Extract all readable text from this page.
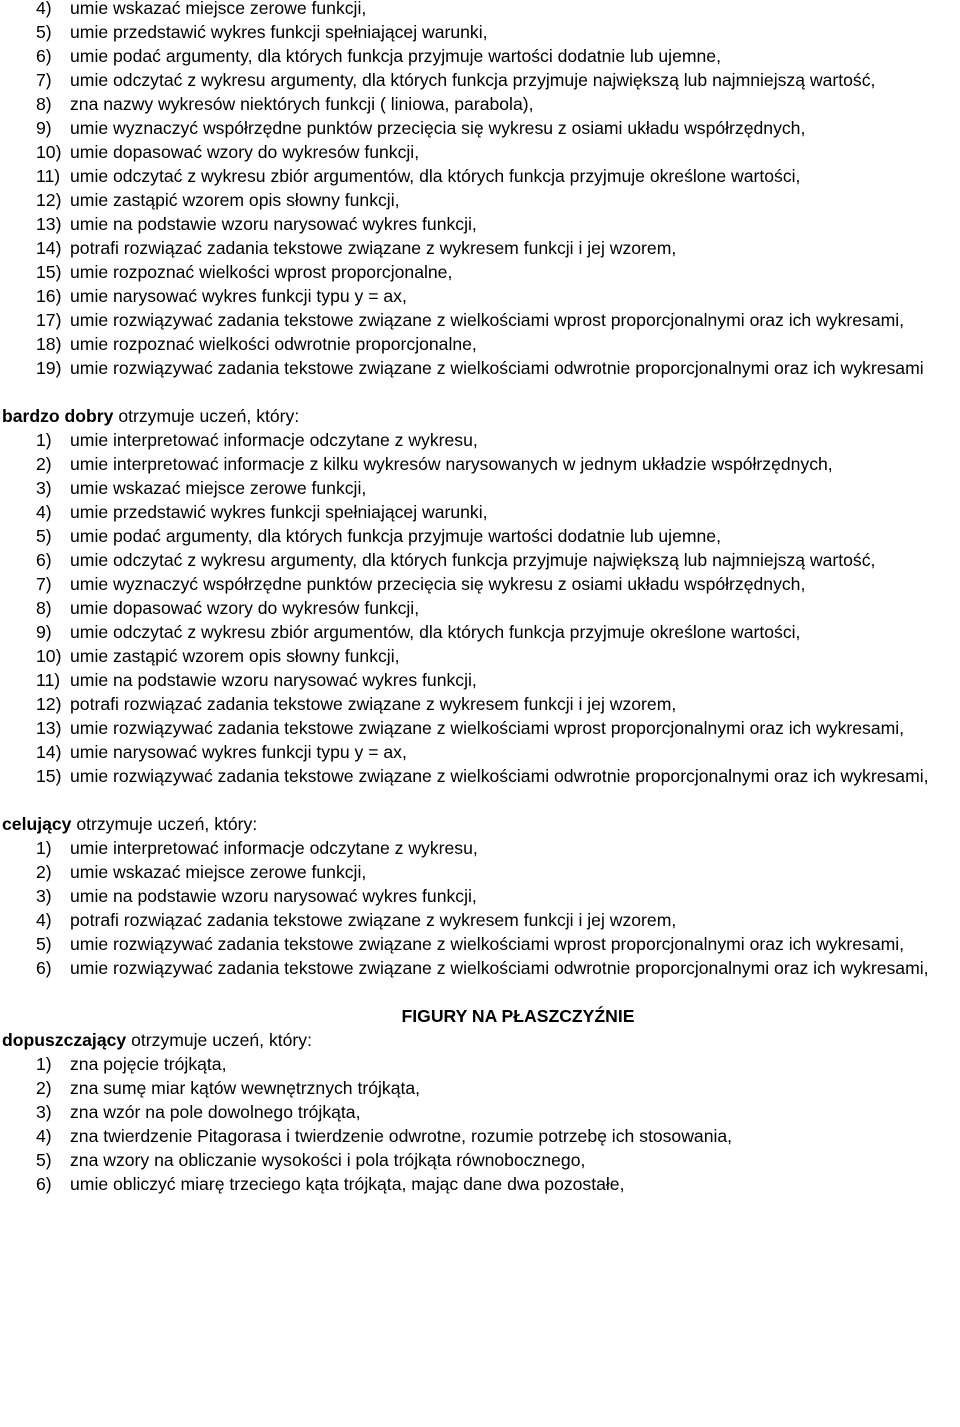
4)	umie wskazać miejsce zerowe funkcji,
5)	umie przedstawić wykres funkcji spełniającej warunki,
6)	umie podać argumenty, dla których funkcja przyjmuje wartości dodatnie lub ujemne,
7)	umie odczytać z wykresu argumenty, dla których funkcja przyjmuje największą lub najmniejszą wartość,
8)	zna nazwy wykresów niektórych funkcji ( liniowa, parabola),
9)	umie wyznaczyć współrzędne punktów przecięcia się wykresu z osiami układu współrzędnych,
10) umie dopasować wzory do wykresów funkcji,
11) umie odczytać z wykresu zbiór argumentów, dla których funkcja przyjmuje określone wartości,
12) umie zastąpić wzorem opis słowny funkcji,
13) umie na podstawie wzoru narysować wykres funkcji,
14) potrafi rozwiązać zadania tekstowe związane z wykresem funkcji i jej wzorem,
15) umie rozpoznać wielkości wprost proporcjonalne,
16) umie narysować wykres funkcji typu y = ax,
17) umie rozwiązywać zadania tekstowe związane z wielkościami wprost proporcjonalnymi oraz ich wykresami,
18) umie rozpoznać wielkości odwrotnie proporcjonalne,
19) umie rozwiązywać zadania tekstowe związane z wielkościami odwrotnie proporcjonalnymi oraz ich wykresami
bardzo dobry otrzymuje uczeń, który:
1)	umie interpretować informacje odczytane z wykresu,
2)	umie interpretować informacje z kilku wykresów narysowanych w jednym układzie współrzędnych,
3)	umie wskazać miejsce zerowe funkcji,
4)	umie przedstawić wykres funkcji spełniającej warunki,
5)	umie podać argumenty, dla których funkcja przyjmuje wartości dodatnie lub ujemne,
6)	umie odczytać z wykresu argumenty, dla których funkcja przyjmuje największą lub najmniejszą wartość,
7)	umie wyznaczyć współrzędne punktów przecięcia się wykresu z osiami układu współrzędnych,
8)	umie dopasować wzory do wykresów funkcji,
9)	umie odczytać z wykresu zbiór argumentów, dla których funkcja przyjmuje określone wartości,
10) umie zastąpić wzorem opis słowny funkcji,
11) umie na podstawie wzoru narysować wykres funkcji,
12) potrafi rozwiązać zadania tekstowe związane z wykresem funkcji i jej wzorem,
13) umie rozwiązywać zadania tekstowe związane z wielkościami wprost proporcjonalnymi oraz ich wykresami,
14) umie narysować wykres funkcji typu y = ax,
15) umie rozwiązywać zadania tekstowe związane z wielkościami odwrotnie proporcjonalnymi oraz ich wykresami,
celujący otrzymuje uczeń, który:
1)	umie interpretować informacje odczytane z wykresu,
2)	umie wskazać miejsce zerowe funkcji,
3)	umie na podstawie wzoru narysować wykres funkcji,
4)	potrafi rozwiązać zadania tekstowe związane z wykresem funkcji i jej wzorem,
5)	umie rozwiązywać zadania tekstowe związane z wielkościami wprost proporcjonalnymi oraz ich wykresami,
6)	umie rozwiązywać zadania tekstowe związane z wielkościami odwrotnie proporcjonalnymi oraz ich wykresami,
FIGURY NA PŁASZCZYŹNIE
dopuszczający otrzymuje uczeń, który:
1)	zna pojęcie trójkąta,
2)	zna sumę miar kątów wewnętrznych trójkąta,
3)	zna wzór na pole dowolnego trójkąta,
4)	zna twierdzenie Pitagorasa i twierdzenie odwrotne, rozumie potrzebę ich stosowania,
5)	zna wzory na obliczanie wysokości i pola trójkąta równobocznego,
6)	umie obliczyć miarę trzeciego kąta trójkąta, mając dane dwa pozostałe,
